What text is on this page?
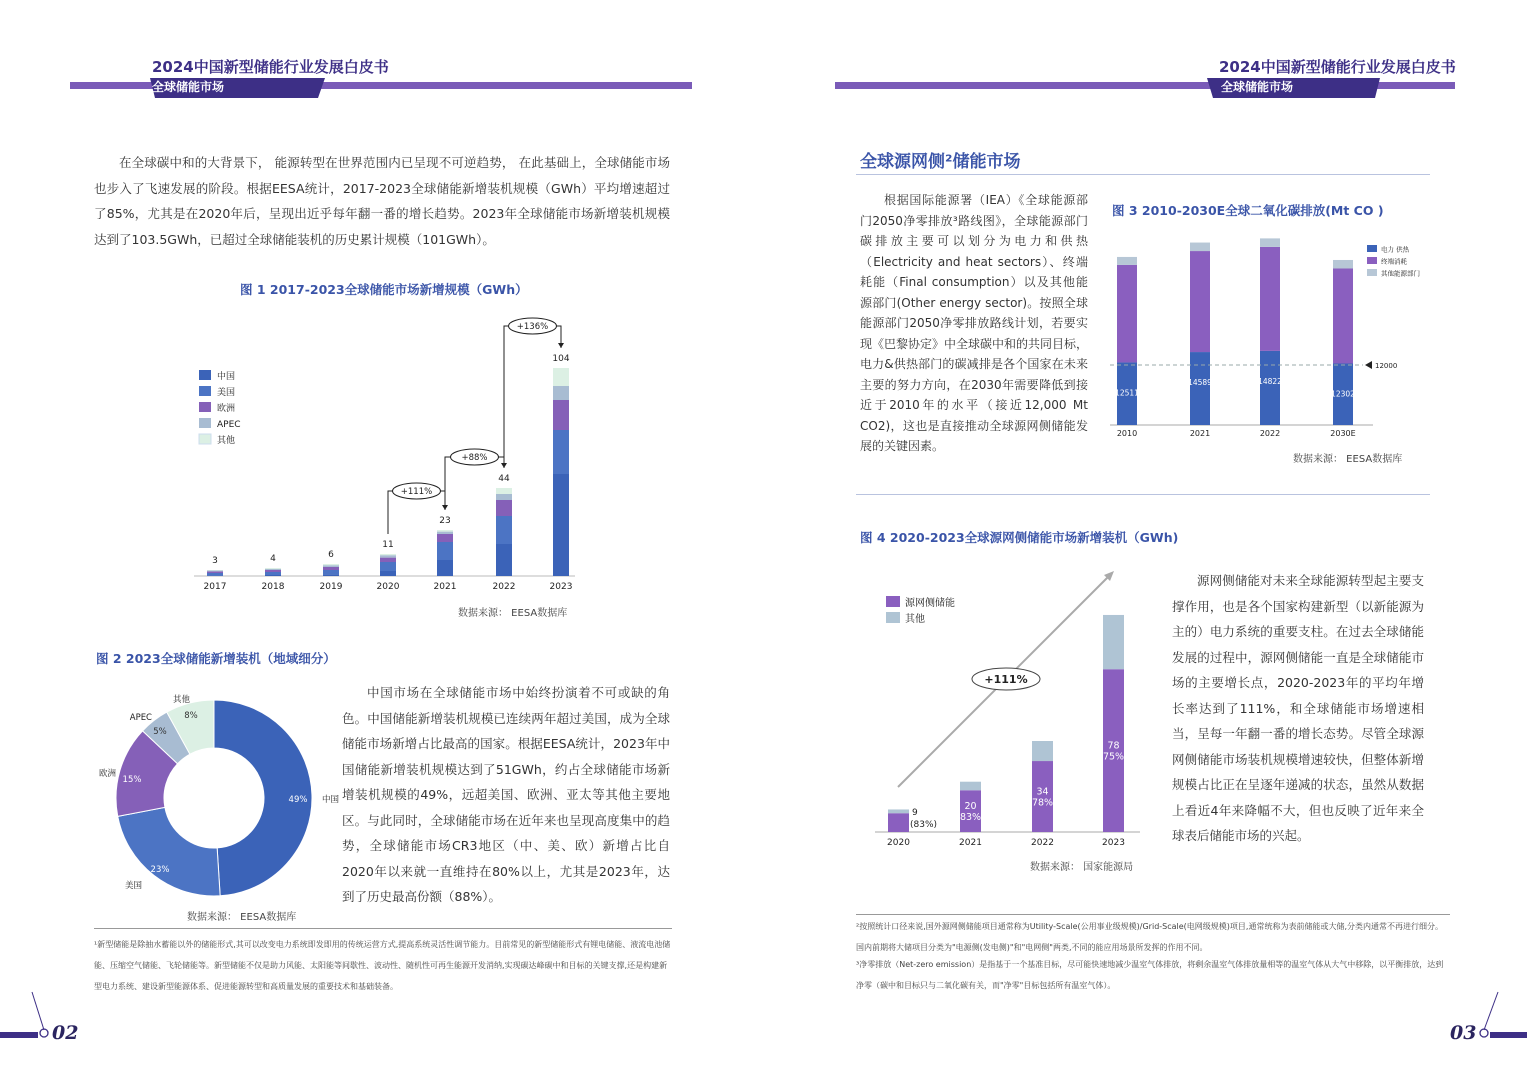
2024中国新型储能行业发展白皮书
全球储能市场
在全球碳中和的大背景下， 能源转型在世界范围内已呈现不可逆趋势， 在此基础上，全球储能市场也步入了飞速发展的阶段。根据EESA统计，2017-2023全球储能新增装机规模（GWh）平均增速超过了85%，尤其是在2020年后，呈现出近乎每年翻一番的增长趋势。2023年全球储能市场新增装机规模达到了103.5GWh，已超过全球储能装机的历史累计规模（101GWh）。
图 1 2017-2023全球储能市场新增规模（GWh）
3
2017
4
2018
6
2019
11
2020
23
2021
44
2022
104
2023
中国
美国
欧洲
APEC
其他
+111%
+88%
+136%
数据来源： EESA数据库
图 2 2023全球储能新增装机（地域细分）
49% 中国
23%
美国
15%
欧洲
5%
APEC	8%
其他
数据来源： EESA数据库
中国市场在全球储能市场中始终扮演着不可或缺的角色。中国储能新增装机规模已连续两年超过美国，成为全球储能市场新增占比最高的国家。根据EESA统计，2023年中国储能新增装机规模达到了51GWh，约占全球储能市场新增装机规模的49%，远超美国、欧洲、亚太等其他主要地区。与此同时，全球储能市场在近年来也呈现高度集中的趋势，全球储能市场CR3地区（中、美、欧）新增占比自2020年以来就一直维持在80%以上，尤其是2023年，达到了历史最高份额（88%）。
¹新型储能是除抽水蓄能以外的储能形式,其可以改变电力系统即发即用的传统运营方式,提高系统灵活性调节能力。目前常见的新型储能形式有锂电储能、液流电池储能、压缩空气储能、飞轮储能等。新型储能不仅是助力风能、太阳能等间歇性、波动性、随机性可再生能源开发消纳,实现碳达峰碳中和目标的关键支撑,还是构建新型电力系统、建设新型能源体系、促进能源转型和高质量发展的重要技术和基础装备。
02
2024中国新型储能行业发展白皮书
全球储能市场
全球源网侧²储能市场
根据国际能源署（IEA）《全球能源部门2050净零排放³路线图》，全球能源部门碳排放主要可以划分为电力和供热（Electricity and heat sectors）、终端耗能（Final consumption）以及其他能源部门(Other energy sector)。按照全球能源部门2050净零排放路线计划，若要实现《巴黎协定》中全球碳中和的共同目标，电力&供热部门的碳减排是各个国家在未来主要的努力方向，在2030年需要降低到接近于2010年的水平（接近12,000 Mt CO2)，这也是直接推动全球源网侧储能发展的关键因素。
图 3 2010-2030E全球二氧化碳排放(Mt CO )
12511
2010
14589
2021
14822
2022
12302
2030E
12000
电力 供热
终端消耗
其他能源部门
数据来源： EESA数据库
图 4 2020-2023全球源网侧储能市场新增装机（GWh)
9
(83%)
2020
20
83%
2021
34
78%
2022
78
75%
2023
+111%
源网侧储能
其他
数据来源： 国家能源局
源网侧储能对未来全球能源转型起主要支撑作用，也是各个国家构建新型（以新能源为主的）电力系统的重要支柱。在过去全球储能发展的过程中，源网侧储能一直是全球储能市场的主要增长点，2020-2023年的平均年增长率达到了111%，和全球储能市场增速相当，呈每一年翻一番的增长态势。尽管全球源网侧储能市场装机规模增速较快，但整体新增规模占比正在呈逐年递减的状态，虽然从数据上看近4年来降幅不大，但也反映了近年来全球表后储能市场的兴起。
²按照统计口径来说,国外源网侧储能项目通常称为Utility-Scale(公用事业级规模)/Grid-Scale(电网级规模)项目,通常统称为表前储能或大储,分类内通常不再进行细分。国内前期将大储项目分类为"电源侧(发电侧)"和"电网侧"两类,不同的能应用场景所发挥的作用不同。
³净零排放（Net-zero emission）是指基于一个基准目标，尽可能快速地减少温室气体排放，将剩余温室气体排放量相等的温室气体从大气中移除，以平衡排放，达到净零（碳中和目标只与二氧化碳有关，而"净零"目标包括所有温室气体）。
03
